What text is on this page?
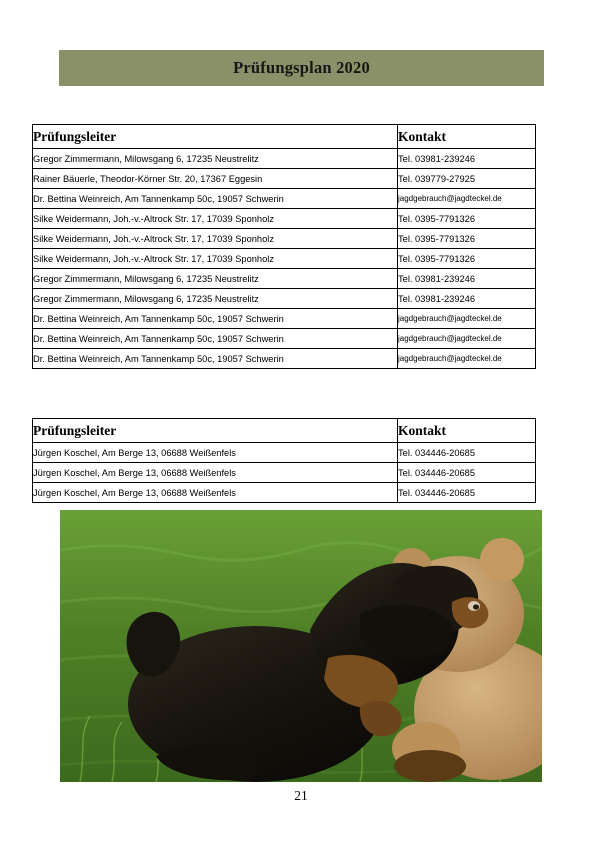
Prüfungsplan 2020
Prüfungsleiter	Kontakt
Gregor Zimmermann, Milowsgang 6, 17235 Neustrelitz	Tel. 03981-239246
Rainer Bäuerle, Theodor-Körner Str. 20, 17367 Eggesin	Tel. 039779-27925
Dr. Bettina Weinreich, Am Tannenkamp 50c, 19057 Schwerin	jagdgebrauch@jagdteckel.de
Silke Weidermann, Joh.-v.-Altrock Str. 17, 17039 Sponholz	Tel. 0395-7791326
Silke Weidermann, Joh.-v.-Altrock Str. 17, 17039 Sponholz	Tel. 0395-7791326
Silke Weidermann, Joh.-v.-Altrock Str. 17, 17039 Sponholz	Tel. 0395-7791326
Gregor Zimmermann, Milowsgang 6, 17235 Neustrelitz	Tel. 03981-239246
Gregor Zimmermann, Milowsgang 6, 17235 Neustrelitz	Tel. 03981-239246
Dr. Bettina Weinreich, Am Tannenkamp 50c, 19057 Schwerin	jagdgebrauch@jagdteckel.de
Dr. Bettina Weinreich, Am Tannenkamp 50c, 19057 Schwerin	jagdgebrauch@jagdteckel.de
Dr. Bettina Weinreich, Am Tannenkamp 50c, 19057 Schwerin	jagdgebrauch@jagdteckel.de
Prüfungsleiter	Kontakt
Jürgen Koschel, Am Berge 13, 06688 Weißenfels	Tel. 034446-20685
Jürgen Koschel, Am Berge 13, 06688 Weißenfels	Tel. 034446-20685
Jürgen Koschel, Am Berge 13, 06688 Weißenfels	Tel. 034446-20685
21
